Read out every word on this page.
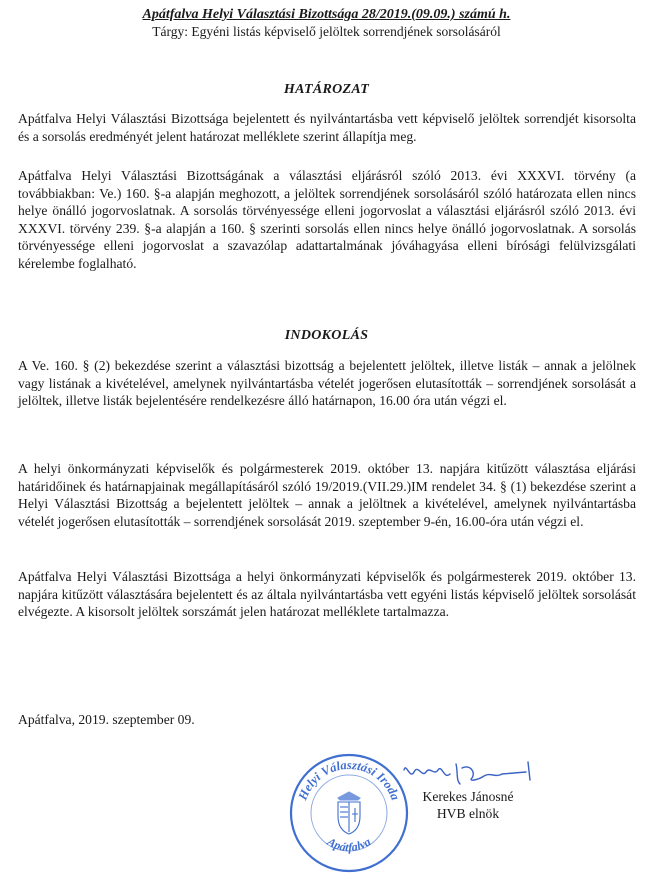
Apátfalva Helyi Választási Bizottsága 28/2019.(09.09.) számú h.
Tárgy: Egyéni listás képviselő jelöltek sorrendjének sorsolásáról
HATÁROZAT

Apátfalva Helyi Választási Bizottsága bejelentett és nyilvántartásba vett képviselő jelöltek sorrendjét kisorsolta és a sorsolás eredményét jelent határozat melléklete szerint állapítja meg.

Apátfalva Helyi Választási Bizottságának a választási eljárásról szóló 2013. évi XXXVI. törvény (a továbbiakban: Ve.) 160. §-a alapján meghozott, a jelöltek sorrendjének sorsolásáról szóló határozata ellen nincs helye önálló jogorvoslatnak. A sorsolás törvényessége elleni jogorvoslat a választási eljárásról szóló 2013. évi XXXVI. törvény 239. §-a alapján a 160. § szerinti sorsolás ellen nincs helye önálló jogorvoslatnak. A sorsolás törvényessége elleni jogorvoslat a szavazólap adattartalmának jóváhagyása elleni bírósági felülvizsgálati kérelembe foglalható.

INDOKOLÁS

A Ve. 160. § (2) bekezdése szerint a választási bizottság a bejelentett jelöltek, illetve listák – annak a jelölnek vagy listának a kivételével, amelynek nyilvántartásba vételét jogerősen elutasították – sorrendjének sorsolását a jelöltek, illetve listák bejelentésére rendelkezésre álló határnapon, 16.00 óra után végzi el.

A helyi önkormányzati képviselők és polgármesterek 2019. október 13. napjára kitűzött választása eljárási határidőinek és határnapjainak megállapításáról szóló 19/2019.(VII.29.)IM rendelet 34. § (1) bekezdése szerint a Helyi Választási Bizottság a bejelentett jelöltek – annak a jelöltnek a kivételével, amelynek nyilvántartásba vételét jogerősen elutasították – sorrendjének sorsolását 2019. szeptember 9-én, 16.00-óra után végzi el.

Apátfalva Helyi Választási Bizottsága a helyi önkormányzati képviselők és polgármesterek 2019. október 13. napjára kitűzött választására bejelentett és az általa nyilvántartásba vett egyéni listás képviselő jelöltek sorsolását elvégezte. A kisorsolt jelöltek sorszámát jelen határozat melléklete tartalmazza.

Apátfalva, 2019. szeptember 09.
Helyi Választási Iroda
Apátfalva
Kerekes Jánosné
HVB elnök
